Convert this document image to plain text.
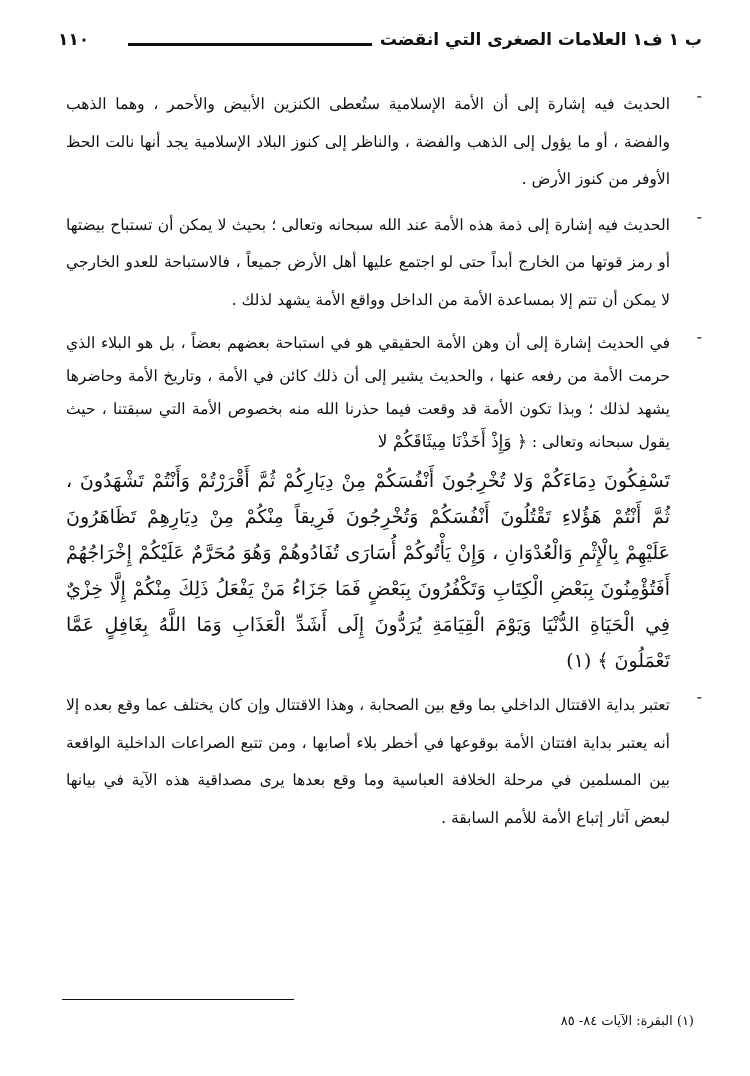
ب ١ ف١ العلامات الصغرى التي انقضت
١١٠
-
الحديث فيه إشارة إلى أن الأمة الإسلامية ستُعطى الكنزين الأبيض والأحمر ، وهما الذهب والفضة ، أو ما يؤول إلى الذهب والفضة ، والناظر إلى كنوز البلاد الإسلامية يجد أنها نالت الحظ الأوفر من كنوز الأرض .
-
الحديث فيه إشارة إلى ذمة هذه الأمة عند الله سبحانه وتعالى ؛ بحيث لا يمكن أن تستباح بيضتها أو رمز قوتها من الخارج أبداً حتى لو اجتمع عليها أهل الأرض جميعاً ، فالاستباحة للعدو الخارجي لا يمكن أن تتم إلا بمساعدة الأمة من الداخل وواقع الأمة يشهد لذلك .
-
في الحديث إشارة إلى أن وهن الأمة الحقيقي هو في استباحة بعضهم بعضاً ، بل هو البلاء الذي حرمت الأمة من رفعه عنها ، والحديث يشير إلى أن ذلك كائن في الأمة ، وتاريخ الأمة وحاضرها يشهد لذلك ؛ وبذا تكون الأمة قد وقعت فيما حذرنا الله منه بخصوص الأمة التي سبقتنا ، حيث يقول سبحانه وتعالى : ﴿ وَإِذْ أَخَذْنَا مِيثَاقَكُمْ لا
تَسْفِكُونَ دِمَاءَكُمْ وَلا تُخْرِجُونَ أَنْفُسَكُمْ مِنْ دِيَارِكُمْ ثُمَّ أَقْرَرْتُمْ وَأَنْتُمْ تَشْهَدُونَ ، ثُمَّ أَنْتُمْ هَؤُلاءِ تَقْتُلُونَ أَنْفُسَكُمْ وَتُخْرِجُونَ فَرِيقاً مِنْكُمْ مِنْ دِيَارِهِمْ تَظَاهَرُونَ عَلَيْهِمْ بِالْإِثْمِ وَالْعُدْوَانِ ، وَإِنْ يَأْتُوكُمْ أُسَارَى تُفَادُوهُمْ وَهُوَ مُحَرَّمٌ عَلَيْكُمْ إِخْرَاجُهُمْ أَفَتُؤْمِنُونَ بِبَعْضِ الْكِتَابِ وَتَكْفُرُونَ بِبَعْضٍ فَمَا جَزَاءُ مَنْ يَفْعَلُ ذَلِكَ مِنْكُمْ إِلَّا خِزْيٌ فِي الْحَيَاةِ الدُّنْيَا وَيَوْمَ الْقِيَامَةِ يُرَدُّونَ إِلَى أَشَدِّ الْعَذَابِ وَمَا اللَّهُ بِغَافِلٍ عَمَّا تَعْمَلُونَ ﴾ (١)
-
تعتبر بداية الاقتتال الداخلي بما وقع بين الصحابة ، وهذا الاقتتال وإن كان يختلف عما وقع بعده إلا أنه يعتبر بداية افتتان الأمة بوقوعها في أخطر بلاء أصابها ، ومن تتبع الصراعات الداخلية الواقعة بين المسلمين في مرحلة الخلافة العباسية وما وقع بعدها يرى مصداقية هذه الآية في بيانها لبعض آثار إتباع الأمة للأمم السابقة .
(١) البقرة: الآيات ٨٤- ٨٥
